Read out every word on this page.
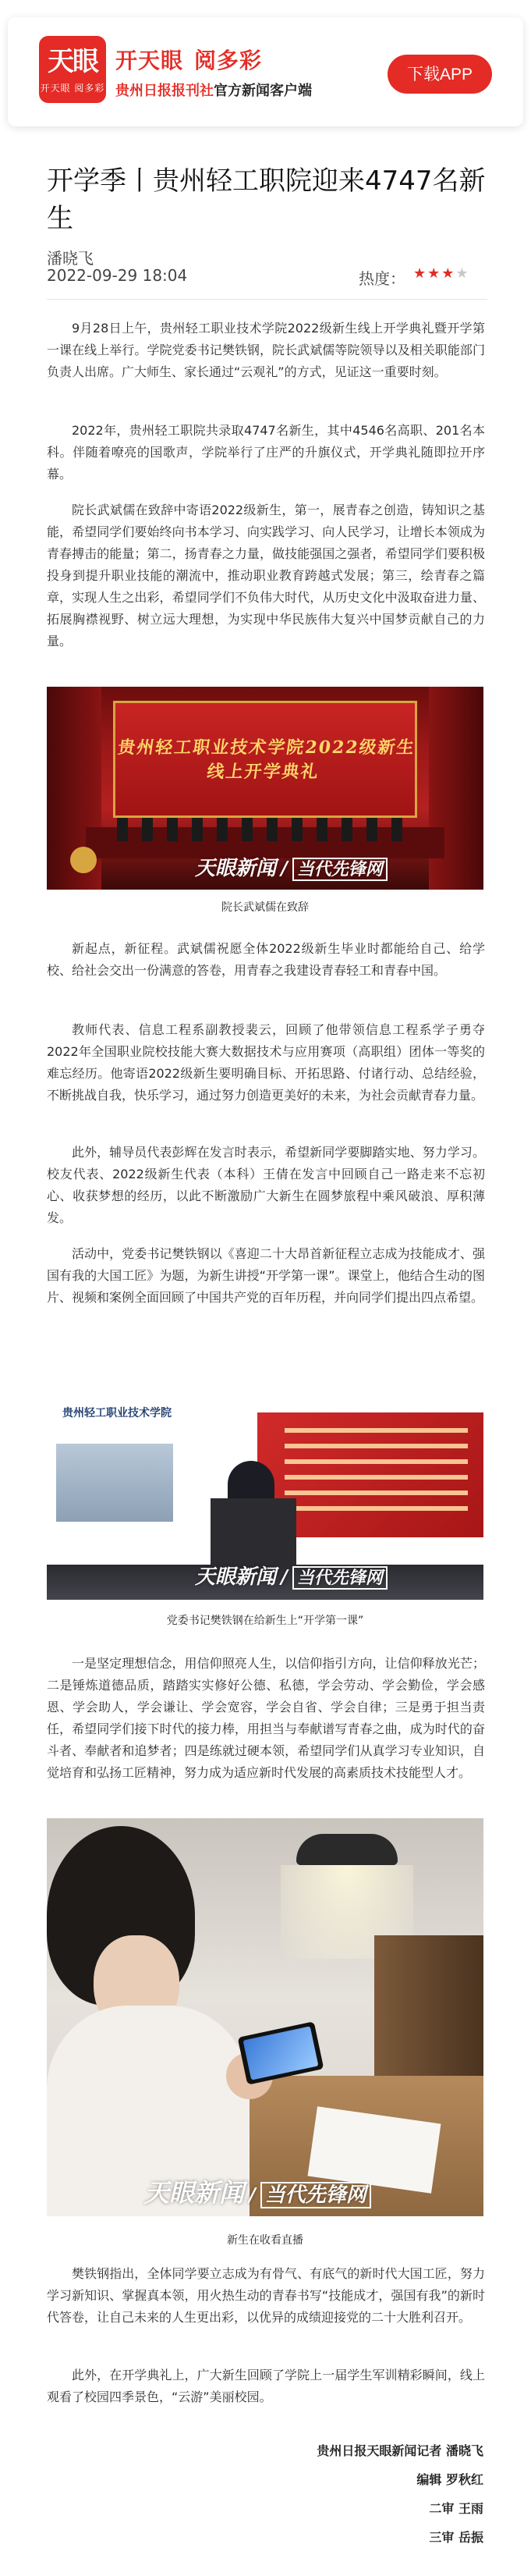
天眼
开天眼 阅多彩
开天眼 阅多彩
贵州日报报刊社官方新闻客户端
下载APP
开学季丨贵州轻工职院迎来4747名新生
潘晓飞
2022-09-29 18:04	热度： ★★★★

9月28日上午，贵州轻工职业技术学院2022级新生线上开学典礼暨开学第一课在线上举行。学院党委书记樊铁钢，院长武斌儒等院领导以及相关职能部门负责人出席。广大师生、家长通过“云观礼”的方式，见证这一重要时刻。

2022年，贵州轻工职院共录取4747名新生，其中4546名高职、201名本科。伴随着嘹亮的国歌声，学院举行了庄严的升旗仪式，开学典礼随即拉开序幕。

院长武斌儒在致辞中寄语2022级新生，第一，展青春之创造，铸知识之基能，希望同学们要始终向书本学习、向实践学习、向人民学习，让增长本领成为青春搏击的能量；第二，扬青春之力量，做技能强国之强者，希望同学们要积极投身到提升职业技能的潮流中，推动职业教育跨越式发展；第三，绘青春之篇章，实现人生之出彩，希望同学们不负伟大时代，从历史文化中汲取奋进力量、拓展胸襟视野、树立远大理想，为实现中华民族伟大复兴中国梦贡献自己的力量。

贵州轻工职业技术学院2022级新生线上开学典礼
天眼新闻 / 当代先锋网
院长武斌儒在致辞

新起点，新征程。武斌儒祝愿全体2022级新生毕业时都能给自己、给学校、给社会交出一份满意的答卷，用青春之我建设青春轻工和青春中国。

教师代表、信息工程系副教授裴云，回顾了他带领信息工程系学子勇夺2022年全国职业院校技能大赛大数据技术与应用赛项（高职组）团体一等奖的难忘经历。他寄语2022级新生要明确目标、开拓思路、付诸行动、总结经验，不断挑战自我，快乐学习，通过努力创造更美好的未来，为社会贡献青春力量。

此外，辅导员代表彭辉在发言时表示，希望新同学要脚踏实地、努力学习。校友代表、2022级新生代表（本科）王倩在发言中回顾自己一路走来不忘初心、收获梦想的经历，以此不断激励广大新生在圆梦旅程中乘风破浪、厚积薄发。

活动中，党委书记樊铁钢以《喜迎二十大昂首新征程立志成为技能成才、强国有我的大国工匠》为题，为新生讲授“开学第一课”。课堂上，他结合生动的图片、视频和案例全面回顾了中国共产党的百年历程，并向同学们提出四点希望。

贵州轻工职业技术学院
天眼新闻 / 当代先锋网
党委书记樊铁钢在给新生上“开学第一课”

一是坚定理想信念，用信仰照亮人生，以信仰指引方向，让信仰释放光芒；二是锤炼道德品质，踏踏实实修好公德、私德，学会劳动、学会勤俭，学会感恩、学会助人，学会谦让、学会宽容，学会自省、学会自律；三是勇于担当责任，希望同学们接下时代的接力棒，用担当与奉献谱写青春之曲，成为时代的奋斗者、奉献者和追梦者；四是练就过硬本领，希望同学们从真学习专业知识，自觉培育和弘扬工匠精神，努力成为适应新时代发展的高素质技术技能型人才。

天眼新闻 / 当代先锋网
新生在收看直播

樊铁钢指出，全体同学要立志成为有骨气、有底气的新时代大国工匠，努力学习新知识、掌握真本领，用火热生动的青春书写“技能成才，强国有我”的新时代答卷，让自己未来的人生更出彩，以优异的成绩迎接党的二十大胜利召开。

此外，在开学典礼上，广大新生回顾了学院上一届学生军训精彩瞬间，线上观看了校园四季景色，“云游”美丽校园。

贵州日报天眼新闻记者 潘晓飞
编辑 罗秋红
二审 王雨
三审 岳振
